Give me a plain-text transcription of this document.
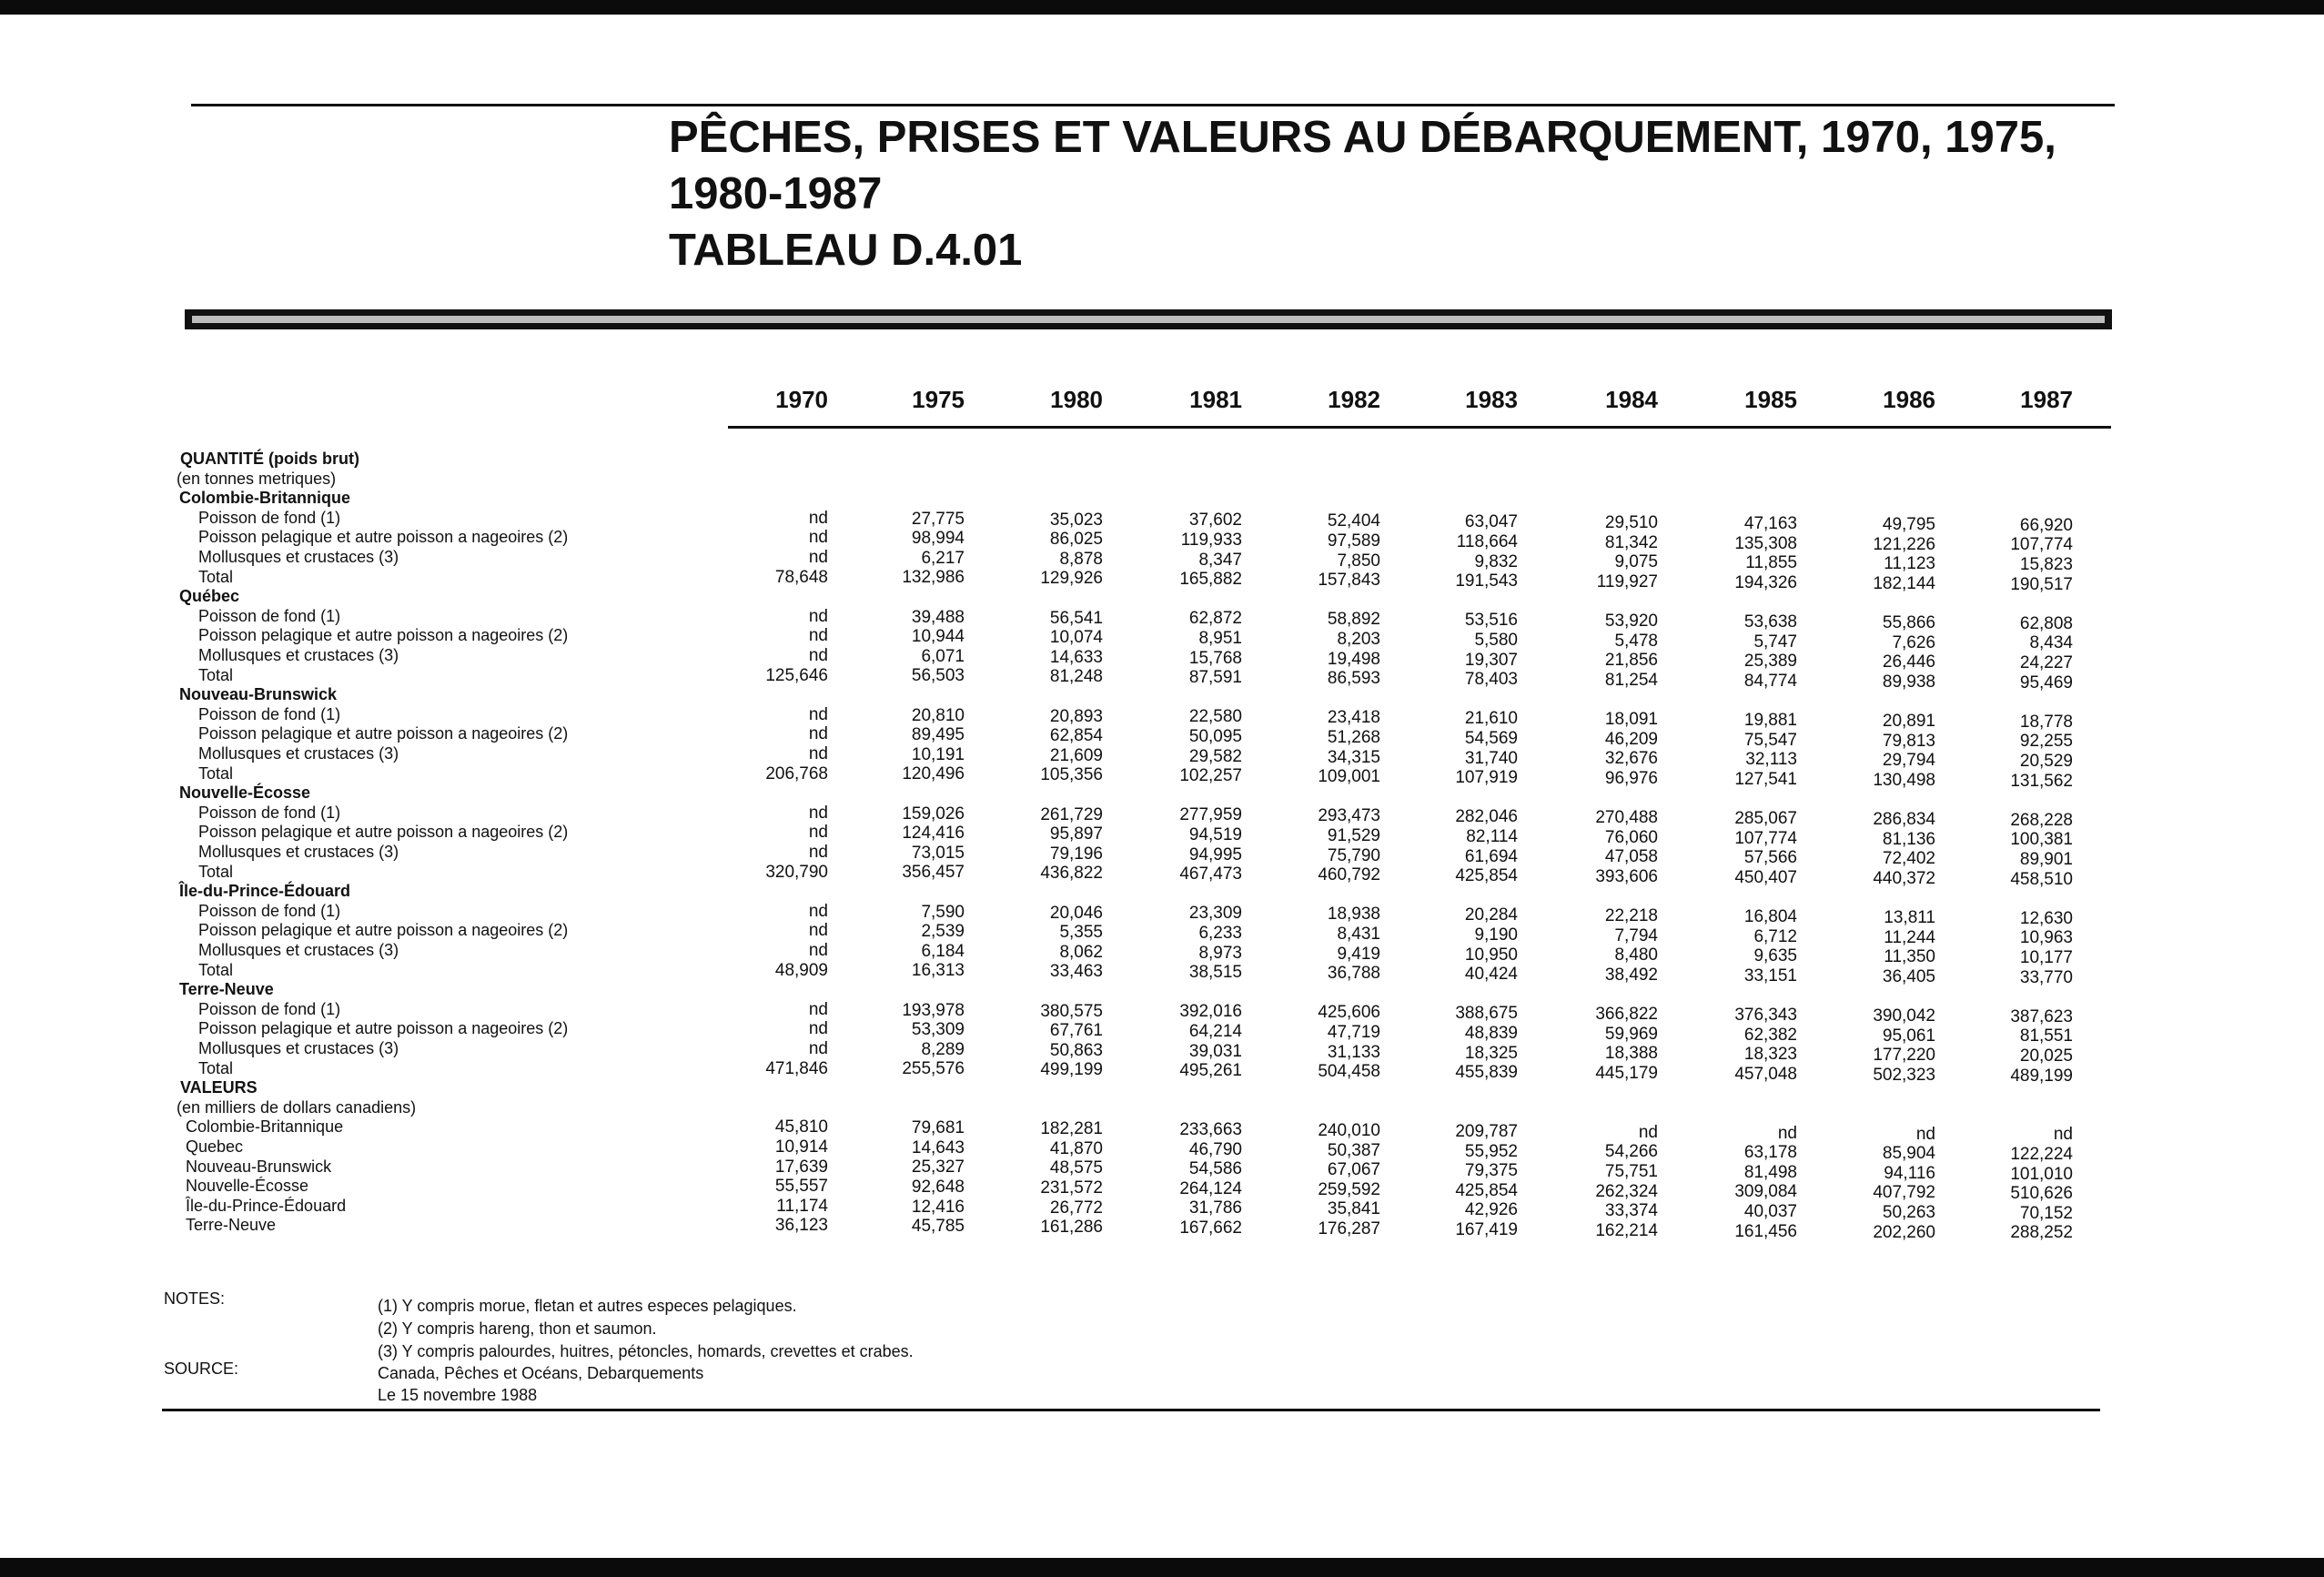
PÊCHES, PRISES ET VALEURS AU DÉBARQUEMENT, 1970, 1975,
1980-1987
TABLEAU D.4.01
1970	1975	1980	1981	1982	1983	1984	1985	1986	1987
QUANTITÉ (poids brut)
(en tonnes metriques)
Colombie-Britannique
Poisson de fond (1)	nd	27,775	35,023	37,602	52,404	63,047	29,510	47,163	49,795	66,920
Poisson pelagique et autre poisson a nageoires (2)	nd	98,994	86,025	119,933	97,589	118,664	81,342	135,308	121,226	107,774
Mollusques et crustaces (3)	nd	6,217	8,878	8,347	7,850	9,832	9,075	11,855	11,123	15,823
Total	78,648	132,986	129,926	165,882	157,843	191,543	119,927	194,326	182,144	190,517
Québec
Poisson de fond (1)	nd	39,488	56,541	62,872	58,892	53,516	53,920	53,638	55,866	62,808
Poisson pelagique et autre poisson a nageoires (2)	nd	10,944	10,074	8,951	8,203	5,580	5,478	5,747	7,626	8,434
Mollusques et crustaces (3)	nd	6,071	14,633	15,768	19,498	19,307	21,856	25,389	26,446	24,227
Total	125,646	56,503	81,248	87,591	86,593	78,403	81,254	84,774	89,938	95,469
Nouveau-Brunswick
Poisson de fond (1)	nd	20,810	20,893	22,580	23,418	21,610	18,091	19,881	20,891	18,778
Poisson pelagique et autre poisson a nageoires (2)	nd	89,495	62,854	50,095	51,268	54,569	46,209	75,547	79,813	92,255
Mollusques et crustaces (3)	nd	10,191	21,609	29,582	34,315	31,740	32,676	32,113	29,794	20,529
Total	206,768	120,496	105,356	102,257	109,001	107,919	96,976	127,541	130,498	131,562
Nouvelle-Écosse
Poisson de fond (1)	nd	159,026	261,729	277,959	293,473	282,046	270,488	285,067	286,834	268,228
Poisson pelagique et autre poisson a nageoires (2)	nd	124,416	95,897	94,519	91,529	82,114	76,060	107,774	81,136	100,381
Mollusques et crustaces (3)	nd	73,015	79,196	94,995	75,790	61,694	47,058	57,566	72,402	89,901
Total	320,790	356,457	436,822	467,473	460,792	425,854	393,606	450,407	440,372	458,510
Île-du-Prince-Édouard
Poisson de fond (1)	nd	7,590	20,046	23,309	18,938	20,284	22,218	16,804	13,811	12,630
Poisson pelagique et autre poisson a nageoires (2)	nd	2,539	5,355	6,233	8,431	9,190	7,794	6,712	11,244	10,963
Mollusques et crustaces (3)	nd	6,184	8,062	8,973	9,419	10,950	8,480	9,635	11,350	10,177
Total	48,909	16,313	33,463	38,515	36,788	40,424	38,492	33,151	36,405	33,770
Terre-Neuve
Poisson de fond (1)	nd	193,978	380,575	392,016	425,606	388,675	366,822	376,343	390,042	387,623
Poisson pelagique et autre poisson a nageoires (2)	nd	53,309	67,761	64,214	47,719	48,839	59,969	62,382	95,061	81,551
Mollusques et crustaces (3)	nd	8,289	50,863	39,031	31,133	18,325	18,388	18,323	177,220	20,025
Total	471,846	255,576	499,199	495,261	504,458	455,839	445,179	457,048	502,323	489,199
VALEURS
(en milliers de dollars canadiens)
Colombie-Britannique	45,810	79,681	182,281	233,663	240,010	209,787	nd	nd	nd	nd
Quebec	10,914	14,643	41,870	46,790	50,387	55,952	54,266	63,178	85,904	122,224
Nouveau-Brunswick	17,639	25,327	48,575	54,586	67,067	79,375	75,751	81,498	94,116	101,010
Nouvelle-Écosse	55,557	92,648	231,572	264,124	259,592	425,854	262,324	309,084	407,792	510,626
Île-du-Prince-Édouard	11,174	12,416	26,772	31,786	35,841	42,926	33,374	40,037	50,263	70,152
Terre-Neuve	36,123	45,785	161,286	167,662	176,287	167,419	162,214	161,456	202,260	288,252
NOTES:	(1) Y compris morue, fletan et autres especes pelagiques.
(2) Y compris hareng, thon et saumon.
(3) Y compris palourdes, huitres, pétoncles, homards, crevettes et crabes.
SOURCE:	Canada, Pêches et Océans, Debarquements
Le 15 novembre 1988
